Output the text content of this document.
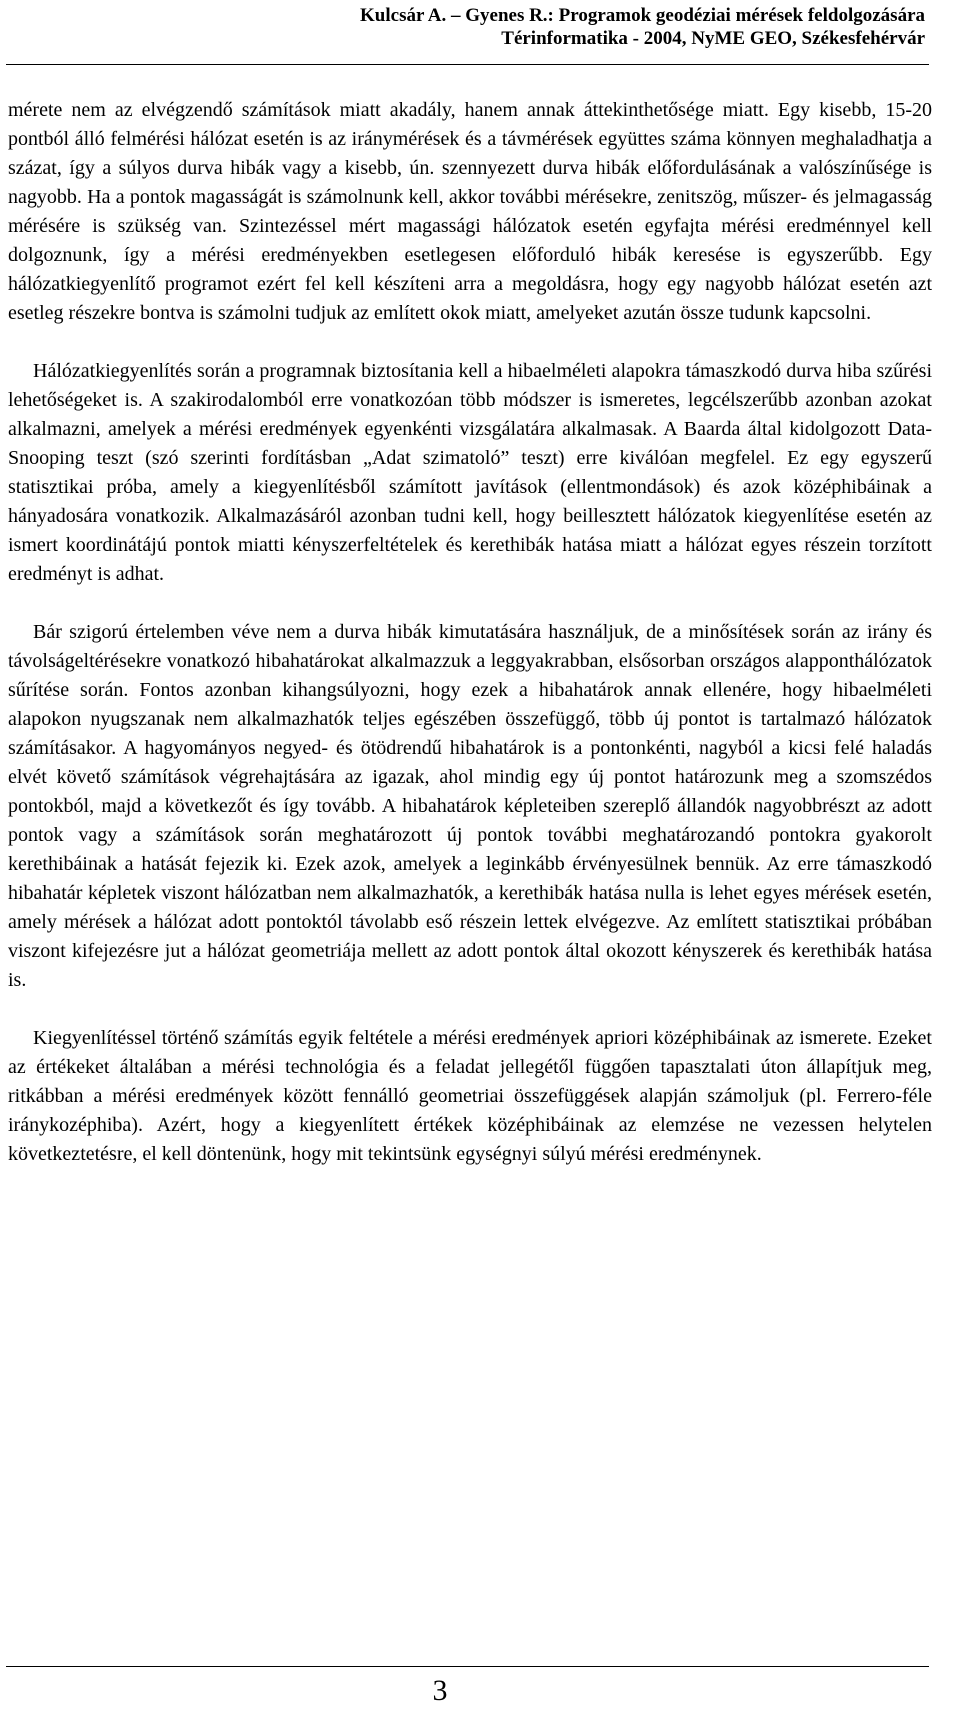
Kulcsár A. – Gyenes R.: Programok geodéziai mérések feldolgozására
Térinformatika - 2004, NyME GEO, Székesfehérvár

mérete nem az elvégzendő számítások miatt akadály, hanem annak áttekinthetősége miatt. Egy kisebb, 15-20 pontból álló felmérési hálózat esetén is az iránymérések és a távmérések együttes száma könnyen meghaladhatja a százat, így a súlyos durva hibák vagy a kisebb, ún. szennyezett durva hibák előfordulásának a valószínűsége is nagyobb. Ha a pontok magasságát is számolnunk kell, akkor további mérésekre, zenitszög, műszer- és jelmagasság mérésére is szükség van. Szintezéssel mért magassági hálózatok esetén egyfajta mérési eredménnyel kell dolgoznunk, így a mérési eredményekben esetlegesen előforduló hibák keresése is egyszerűbb. Egy hálózatkiegyenlítő programot ezért fel kell készíteni arra a megoldásra, hogy egy nagyobb hálózat esetén azt esetleg részekre bontva is számolni tudjuk az említett okok miatt, amelyeket azután össze tudunk kapcsolni.

Hálózatkiegyenlítés során a programnak biztosítania kell a hibaelméleti alapokra támaszkodó durva hiba szűrési lehetőségeket is. A szakirodalomból erre vonatkozóan több módszer is ismeretes, legcélszerűbb azonban azokat alkalmazni, amelyek a mérési eredmények egyenkénti vizsgálatára alkalmasak. A Baarda által kidolgozott Data-Snooping teszt (szó szerinti fordításban „Adat szimatoló” teszt) erre kiválóan megfelel. Ez egy egyszerű statisztikai próba, amely a kiegyenlítésből számított javítások (ellentmondások) és azok középhibáinak a hányadosára vonatkozik. Alkalmazásáról azonban tudni kell, hogy beillesztett hálózatok kiegyenlítése esetén az ismert koordinátájú pontok miatti kényszerfeltételek és kerethibák hatása miatt a hálózat egyes részein torzított eredményt is adhat.

Bár szigorú értelemben véve nem a durva hibák kimutatására használjuk, de a minősítések során az irány és távolságeltérésekre vonatkozó hibahatárokat alkalmazzuk a leggyakrabban, elsősorban országos alapponthálózatok sűrítése során. Fontos azonban kihangsúlyozni, hogy ezek a hibahatárok annak ellenére, hogy hibaelméleti alapokon nyugszanak nem alkalmazhatók teljes egészében összefüggő, több új pontot is tartalmazó hálózatok számításakor. A hagyományos negyed- és ötödrendű hibahatárok is a pontonkénti, nagyból a kicsi felé haladás elvét követő számítások végrehajtására az igazak, ahol mindig egy új pontot határozunk meg a szomszédos pontokból, majd a következőt és így tovább. A hibahatárok képleteiben szereplő állandók nagyobbrészt az adott pontok vagy a számítások során meghatározott új pontok további meghatározandó pontokra gyakorolt kerethibáinak a hatását fejezik ki. Ezek azok, amelyek a leginkább érvényesülnek bennük. Az erre támaszkodó hibahatár képletek viszont hálózatban nem alkalmazhatók, a kerethibák hatása nulla is lehet egyes mérések esetén, amely mérések a hálózat adott pontoktól távolabb eső részein lettek elvégezve. Az említett statisztikai próbában viszont kifejezésre jut a hálózat geometriája mellett az adott pontok által okozott kényszerek és kerethibák hatása is.

Kiegyenlítéssel történő számítás egyik feltétele a mérési eredmények apriori középhibáinak az ismerete. Ezeket az értékeket általában a mérési technológia és a feladat jellegétől függően tapasztalati úton állapítjuk meg, ritkábban a mérési eredmények között fennálló geometriai összefüggések alapján számoljuk (pl. Ferrero-féle iránykozéphiba). Azért, hogy a kiegyenlített értékek középhibáinak az elemzése ne vezessen helytelen következtetésre, el kell döntenünk, hogy mit tekintsünk egységnyi súlyú mérési eredménynek.

3
